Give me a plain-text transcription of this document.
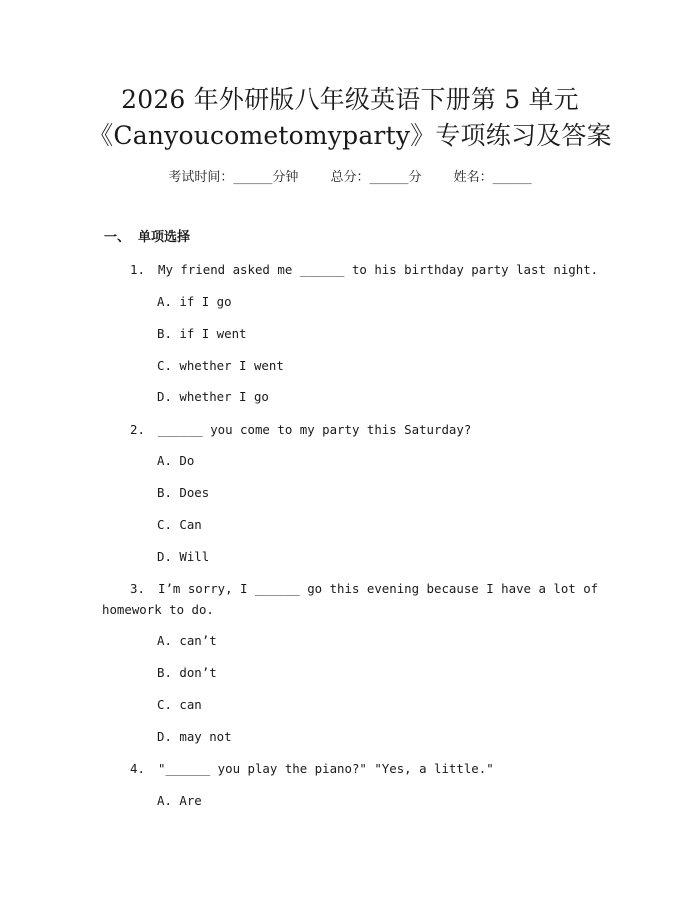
2026 年外研版八年级英语下册第 5 单元
《Canyoucometomyparty》专项练习及答案
考试时间：______分钟 总分：______分 姓名：______
一、 单项选择
1. My friend asked me ______ to his birthday party last night.
A. if I go
B. if I went
C. whether I went
D. whether I go
2. ______ you come to my party this Saturday?
A. Do
B. Does
C. Can
D. Will
3. I’m sorry, I ______ go this evening because I have a lot of
homework to do.
A. can’t
B. don’t
C. can
D. may not
4. "______ you play the piano?" "Yes, a little."
A. Are
